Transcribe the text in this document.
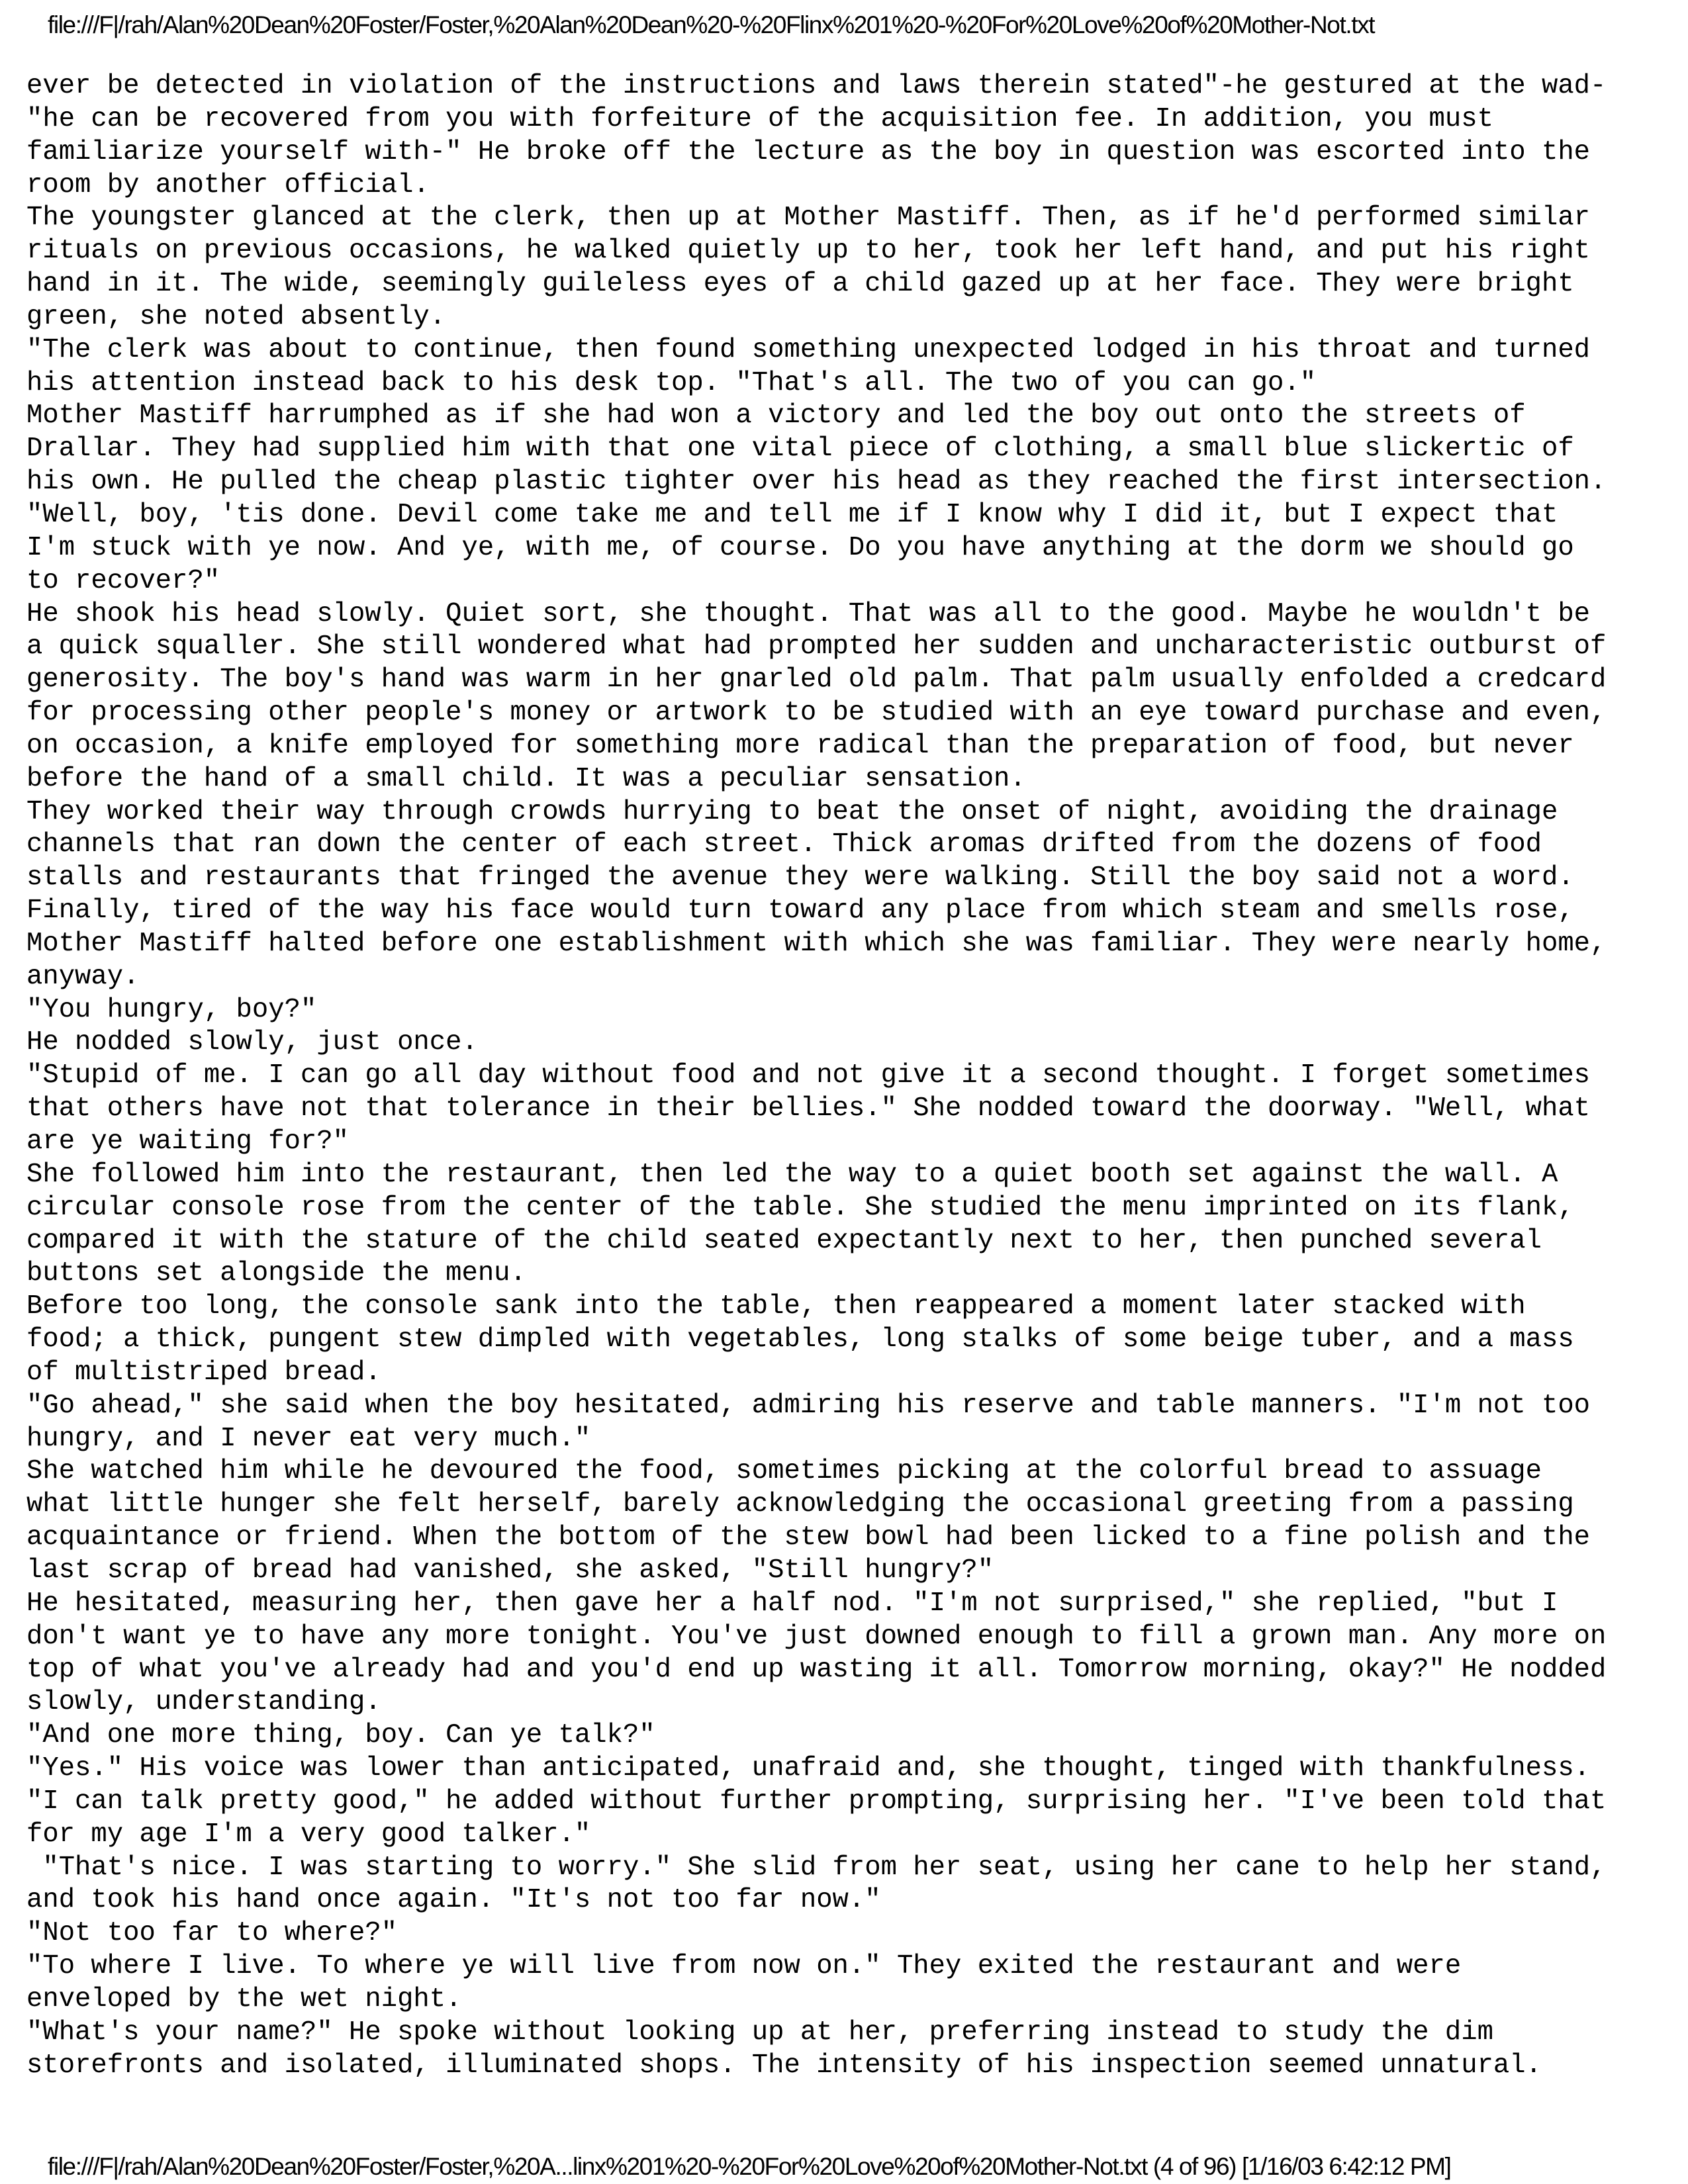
file:///F|/rah/Alan%20Dean%20Foster/Foster,%20Alan%20Dean%20-%20Flinx%201%20-%20For%20Love%20of%20Mother-Not.txt

ever be detected in violation of the instructions and laws therein stated"-he gestured at the wad-
"he can be recovered from you with forfeiture of the acquisition fee. In addition, you must
familiarize yourself with-" He broke off the lecture as the boy in question was escorted into the
room by another official.

The youngster glanced at the clerk, then up at Mother Mastiff. Then, as if he'd performed similar
rituals on previous occasions, he walked quietly up to her, took her left hand, and put his right
hand in it. The wide, seemingly guileless eyes of a child gazed up at her face. They were bright
green, she noted absently.

"The clerk was about to continue, then found something unexpected lodged in his throat and turned
his attention instead back to his desk top. "That's all. The two of you can go."

Mother Mastiff harrumphed as if she had won a victory and led the boy out onto the streets of
Drallar. They had supplied him with that one vital piece of clothing, a small blue slickertic of
his own. He pulled the cheap plastic tighter over his head as they reached the first intersection.

"Well, boy, 'tis done. Devil come take me and tell me if I know why I did it, but I expect that
I'm stuck with ye now. And ye, with me, of course. Do you have anything at the dorm we should go
to recover?"

He shook his head slowly. Quiet sort, she thought. That was all to the good. Maybe he wouldn't be
a quick squaller. She still wondered what had prompted her sudden and uncharacteristic outburst of
generosity. The boy's hand was warm in her gnarled old palm. That palm usually enfolded a credcard
for processing other people's money or artwork to be studied with an eye toward purchase and even,
on occasion, a knife employed for something more radical than the preparation of food, but never
before the hand of a small child. It was a peculiar sensation.

They worked their way through crowds hurrying to beat the onset of night, avoiding the drainage
channels that ran down the center of each street. Thick aromas drifted from the dozens of food
stalls and restaurants that fringed the avenue they were walking. Still the boy said not a word.
Finally, tired of the way his face would turn toward any place from which steam and smells rose,
Mother Mastiff halted before one establishment with which she was familiar. They were nearly home,
anyway.

"You hungry, boy?"

He nodded slowly, just once.

"Stupid of me. I can go all day without food and not give it a second thought. I forget sometimes
that others have not that tolerance in their bellies." She nodded toward the doorway. "Well, what
are ye waiting for?"

She followed him into the restaurant, then led the way to a quiet booth set against the wall. A
circular console rose from the center of the table. She studied the menu imprinted on its flank,
compared it with the stature of the child seated expectantly next to her, then punched several
buttons set alongside the menu.

Before too long, the console sank into the table, then reappeared a moment later stacked with
food; a thick, pungent stew dimpled with vegetables, long stalks of some beige tuber, and a mass
of multistriped bread.

"Go ahead," she said when the boy hesitated, admiring his reserve and table manners. "I'm not too
hungry, and I never eat very much."

She watched him while he devoured the food, sometimes picking at the colorful bread to assuage
what little hunger she felt herself, barely acknowledging the occasional greeting from a passing
acquaintance or friend. When the bottom of the stew bowl had been licked to a fine polish and the
last scrap of bread had vanished, she asked, "Still hungry?"

He hesitated, measuring her, then gave her a half nod. "I'm not surprised," she replied, "but I
don't want ye to have any more tonight. You've just downed enough to fill a grown man. Any more on
top of what you've already had and you'd end up wasting it all. Tomorrow morning, okay?" He nodded
slowly, understanding.

"And one more thing, boy. Can ye talk?"

"Yes." His voice was lower than anticipated, unafraid and, she thought, tinged with thankfulness.
"I can talk pretty good," he added without further prompting, surprising her. "I've been told that
for my age I'm a very good talker."

"That's nice. I was starting to worry." She slid from her seat, using her cane to help her stand,
and took his hand once again. "It's not too far now."

"Not too far to where?"

"To where I live. To where ye will live from now on." They exited the restaurant and were
enveloped by the wet night.

"What's your name?" He spoke without looking up at her, preferring instead to study the dim
storefronts and isolated, illuminated shops. The intensity of his inspection seemed unnatural.

file:///F|/rah/Alan%20Dean%20Foster/Foster,%20A...linx%201%20-%20For%20Love%20of%20Mother-Not.txt (4 of 96) [1/16/03 6:42:12 PM]
